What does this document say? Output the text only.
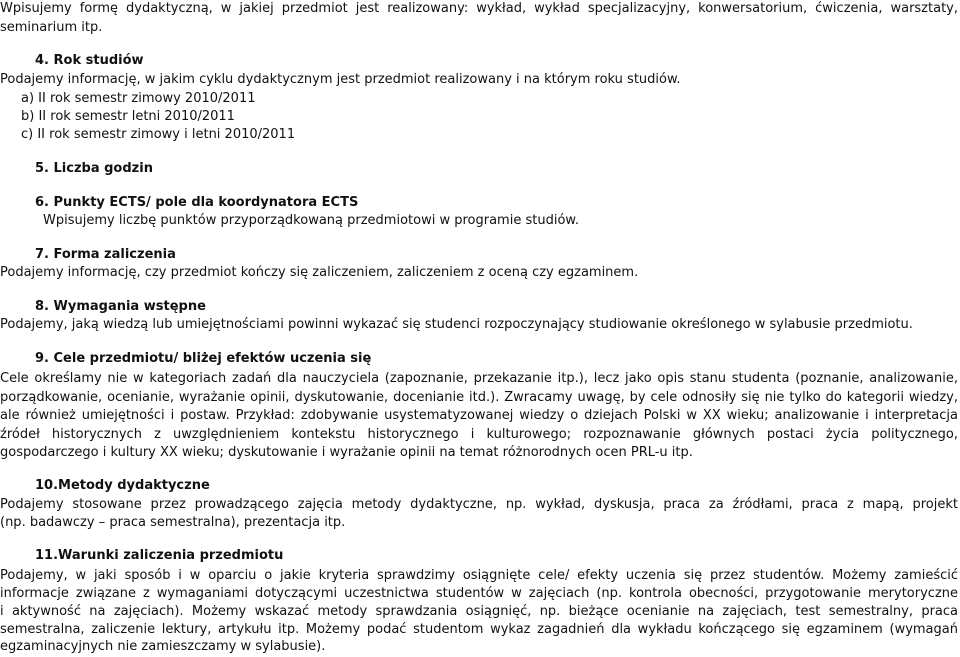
Wpisujemy formę dydaktyczną, w jakiej przedmiot jest realizowany: wykład, wykład specjalizacyjny, konwersatorium, ćwiczenia, warsztaty,
seminarium itp.
4. Rok studiów
Podajemy informację, w jakim cyklu dydaktycznym jest przedmiot realizowany i na którym roku studiów.
a) II rok semestr zimowy 2010/2011
b) II rok semestr letni 2010/2011
c) II rok semestr zimowy i letni 2010/2011
5. Liczba godzin
6. Punkty ECTS/ pole dla koordynatora ECTS
Wpisujemy liczbę punktów przyporządkowaną przedmiotowi w programie studiów.
7. Forma zaliczenia
Podajemy informację, czy przedmiot kończy się zaliczeniem, zaliczeniem z oceną czy egzaminem.
8. Wymagania wstępne
Podajemy, jaką wiedzą lub umiejętnościami powinni wykazać się studenci rozpoczynający studiowanie określonego w sylabusie przedmiotu.
9. Cele przedmiotu/ bliżej efektów uczenia się
Cele określamy nie w kategoriach zadań dla nauczyciela (zapoznanie, przekazanie itp.), lecz jako opis stanu studenta (poznanie, analizowanie,
porządkowanie, ocenianie, wyrażanie opinii, dyskutowanie, docenianie itd.). Zwracamy uwagę, by cele odnosiły się nie tylko do kategorii wiedzy,
ale również umiejętności i postaw. Przykład: zdobywanie usystematyzowanej wiedzy o dziejach Polski w XX wieku; analizowanie i interpretacja
źródeł historycznych z uwzględnieniem kontekstu historycznego i kulturowego; rozpoznawanie głównych postaci życia politycznego,
gospodarczego i kultury XX wieku; dyskutowanie i wyrażanie opinii na temat różnorodnych ocen PRL-u itp.
10.Metody dydaktyczne
Podajemy stosowane przez prowadzącego zajęcia metody dydaktyczne, np. wykład, dyskusja, praca za źródłami, praca z mapą, projekt
(np. badawczy – praca semestralna), prezentacja itp.
11.Warunki zaliczenia przedmiotu
Podajemy, w jaki sposób i w oparciu o jakie kryteria sprawdzimy osiągnięte cele/ efekty uczenia się przez studentów. Możemy zamieścić
informacje związane z wymaganiami dotyczącymi uczestnictwa studentów w zajęciach (np. kontrola obecności, przygotowanie merytoryczne
i aktywność na zajęciach). Możemy wskazać metody sprawdzania osiągnięć, np. bieżące ocenianie na zajęciach, test semestralny, praca
semestralna, zaliczenie lektury, artykułu itp. Możemy podać studentom wykaz zagadnień dla wykładu kończącego się egzaminem (wymagań
egzaminacyjnych nie zamieszczamy w sylabusie).
